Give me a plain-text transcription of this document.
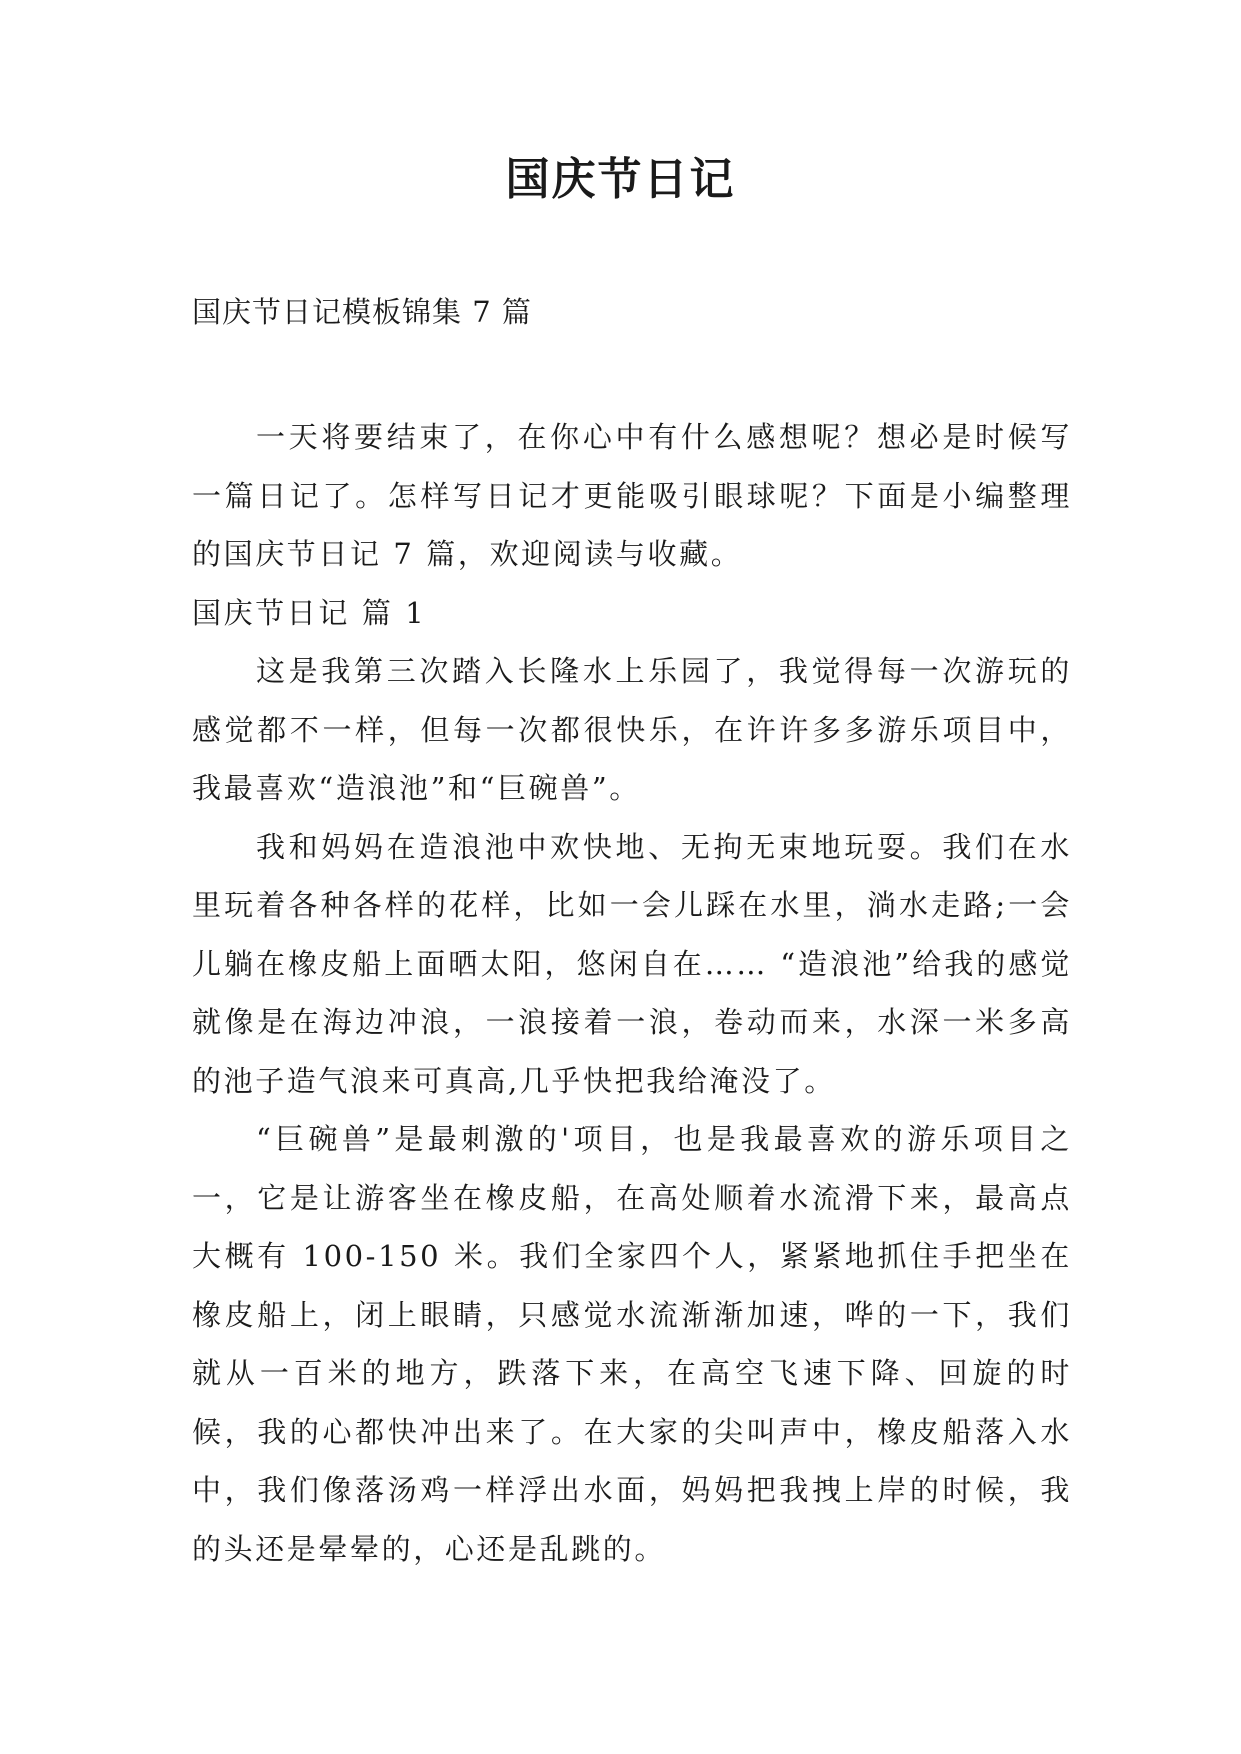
国庆节日记
国庆节日记模板锦集 7 篇

一天将要结束了，在你心中有什么感想呢？想必是时候写一篇日记了。怎样写日记才更能吸引眼球呢？下面是小编整理的国庆节日记 7 篇，欢迎阅读与收藏。

国庆节日记 篇 1

这是我第三次踏入长隆水上乐园了，我觉得每一次游玩的感觉都不一样，但每一次都很快乐，在许许多多游乐项目中，我最喜欢“造浪池”和“巨碗兽”。

我和妈妈在造浪池中欢快地、无拘无束地玩耍。我们在水里玩着各种各样的花样，比如一会儿踩在水里，淌水走路;一会儿躺在橡皮船上面晒太阳，悠闲自在…… “造浪池”给我的感觉就像是在海边冲浪，一浪接着一浪，卷动而来，水深一米多高的池子造气浪来可真高,几乎快把我给淹没了。

“巨碗兽”是最刺激的'项目，也是我最喜欢的游乐项目之一，它是让游客坐在橡皮船，在高处顺着水流滑下来，最高点大概有 100-150 米。我们全家四个人，紧紧地抓住手把坐在橡皮船上，闭上眼睛，只感觉水流渐渐加速，哗的一下，我们就从一百米的地方，跌落下来，在高空飞速下降、回旋的时候，我的心都快冲出来了。在大家的尖叫声中，橡皮船落入水中，我们像落汤鸡一样浮出水面，妈妈把我拽上岸的时候，我的头还是晕晕的，心还是乱跳的。
